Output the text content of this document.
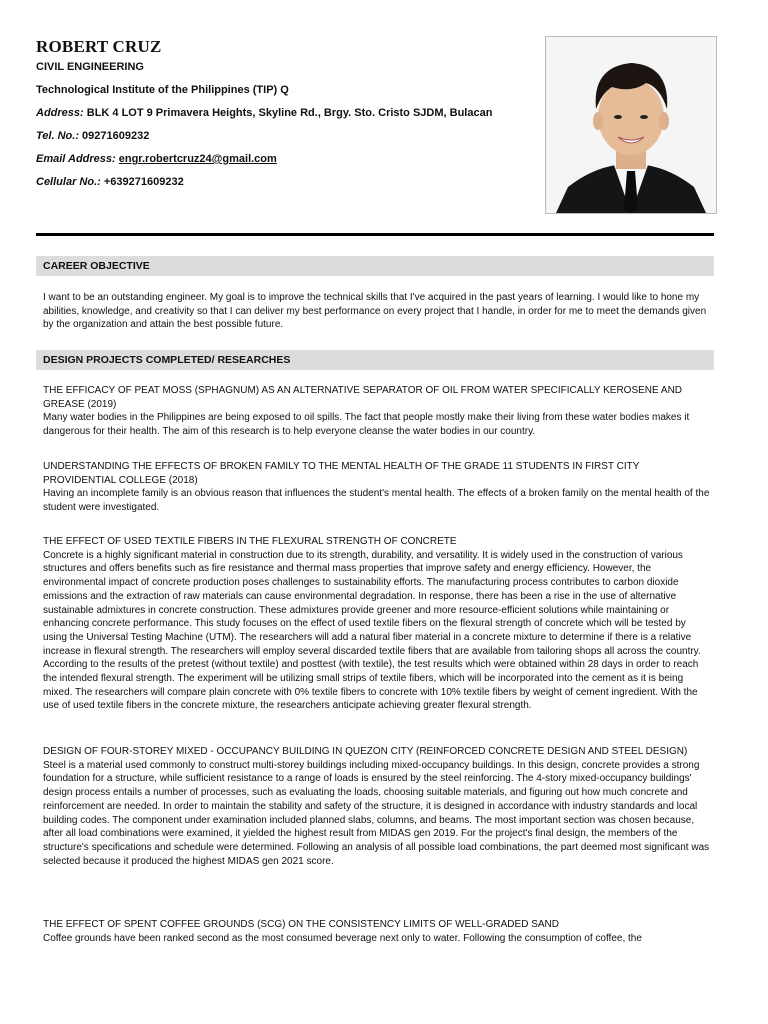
ROBERT CRUZ
CIVIL ENGINEERING
Technological Institute of the Philippines (TIP) Q
Address: BLK 4 LOT 9 Primavera Heights, Skyline Rd., Brgy. Sto. Cristo SJDM, Bulacan
Tel. No.: 09271609232
Email Address: engr.robertcruz24@gmail.com
Cellular No.: +639271609232
CAREER OBJECTIVE
I want to be an outstanding engineer. My goal is to improve the technical skills that I've acquired in the past years of learning. I would like to hone my abilities, knowledge, and creativity so that I can deliver my best performance on every project that I handle, in order for me to meet the demands given by the organization and attain the best possible future.
DESIGN PROJECTS COMPLETED/ RESEARCHES
THE EFFICACY OF PEAT MOSS (SPHAGNUM) AS AN ALTERNATIVE SEPARATOR OF OIL FROM WATER SPECIFICALLY KEROSENE AND GREASE (2019)
Many water bodies in the Philippines are being exposed to oil spills. The fact that people mostly make their living from these water bodies makes it dangerous for their health. The aim of this research is to help everyone cleanse the water bodies in our country.
UNDERSTANDING THE EFFECTS OF BROKEN FAMILY TO THE MENTAL HEALTH OF THE GRADE 11 STUDENTS IN FIRST CITY PROVIDENTIAL COLLEGE (2018)
Having an incomplete family is an obvious reason that influences the student's mental health. The effects of a broken family on the mental health of the student were investigated.
THE EFFECT OF USED TEXTILE FIBERS IN THE FLEXURAL STRENGTH OF CONCRETE
Concrete is a highly significant material in construction due to its strength, durability, and versatility. It is widely used in the construction of various structures and offers benefits such as fire resistance and thermal mass properties that improve safety and energy efficiency. However, the environmental impact of concrete production poses challenges to sustainability efforts. The manufacturing process contributes to carbon dioxide emissions and the extraction of raw materials can cause environmental degradation. In response, there has been a rise in the use of alternative sustainable admixtures in concrete construction. These admixtures provide greener and more resource-efficient solutions while maintaining or enhancing concrete performance. This study focuses on the effect of used textile fibers on the flexural strength of concrete which will be tested by using the Universal Testing Machine (UTM). The researchers will add a natural fiber material in a concrete mixture to determine if there is a relative increase in flexural strength. The researchers will employ several discarded textile fibers that are available from tailoring shops all across the country. According to the results of the pretest (without textile) and posttest (with textile), the test results which were obtained within 28 days in order to reach the intended flexural strength. The experiment will be utilizing small strips of textile fibers, which will be incorporated into the cement as it is being mixed. The researchers will compare plain concrete with 0% textile fibers to concrete with 10% textile fibers by weight of cement ingredient. With the use of used textile fibers in the concrete mixture, the researchers anticipate achieving greater flexural strength.
DESIGN OF FOUR-STOREY MIXED - OCCUPANCY BUILDING IN QUEZON CITY (REINFORCED CONCRETE DESIGN AND STEEL DESIGN)
Steel is a material used commonly to construct multi-storey buildings including mixed-occupancy buildings. In this design, concrete provides a strong foundation for a structure, while sufficient resistance to a range of loads is ensured by the steel reinforcing. The 4-story mixed-occupancy buildings' design process entails a number of processes, such as evaluating the loads, choosing suitable materials, and figuring out how much concrete and reinforcement are needed. In order to maintain the stability and safety of the structure, it is designed in accordance with industry standards and local building codes. The component under examination included planned slabs, columns, and beams. The most important section was chosen because, after all load combinations were examined, it yielded the highest result from MIDAS gen 2019. For the project's final design, the members of the structure's specifications and schedule were determined. Following an analysis of all possible load combinations, the part deemed most significant was selected because it produced the highest MIDAS gen 2021 score.
THE EFFECT OF SPENT COFFEE GROUNDS (SCG) ON THE CONSISTENCY LIMITS OF WELL-GRADED SAND
Coffee grounds have been ranked second as the most consumed beverage next only to water. Following the consumption of coffee, the
